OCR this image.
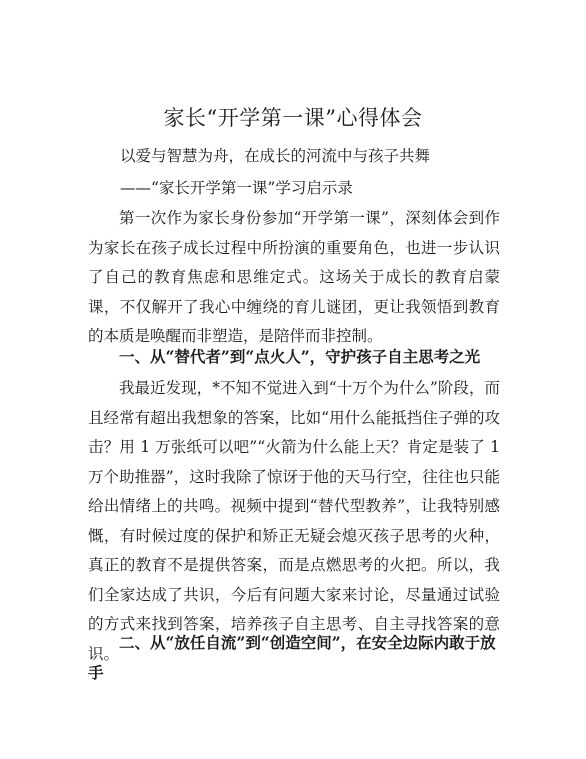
家长“开学第一课”心得体会
以爱与智慧为舟，在成长的河流中与孩子共舞
——“家长开学第一课”学习启示录

第一次作为家长身份参加“开学第一课”，深刻体会到作为家长在孩子成长过程中所扮演的重要角色，也进一步认识了自己的教育焦虑和思维定式。这场关于成长的教育启蒙课，不仅解开了我心中缠绕的育儿谜团，更让我领悟到教育的本质是唤醒而非塑造，是陪伴而非控制。

一、从“替代者”到“点火人”，守护孩子自主思考之光

我最近发现，*不知不觉进入到“十万个为什么”阶段，而且经常有超出我想象的答案，比如“用什么能抵挡住子弹的攻击？用 1 万张纸可以吧”“火箭为什么能上天？肯定是装了 1 万个助推器”，这时我除了惊讶于他的天马行空，往往也只能给出情绪上的共鸣。视频中提到“替代型教养”，让我特别感慨，有时候过度的保护和矫正无疑会熄灭孩子思考的火种，真正的教育不是提供答案，而是点燃思考的火把。所以，我们全家达成了共识，今后有问题大家来讨论，尽量通过试验的方式来找到答案，培养孩子自主思考、自主寻找答案的意识。

二、从“放任自流”到“创造空间”，在安全边际内敢于放手
